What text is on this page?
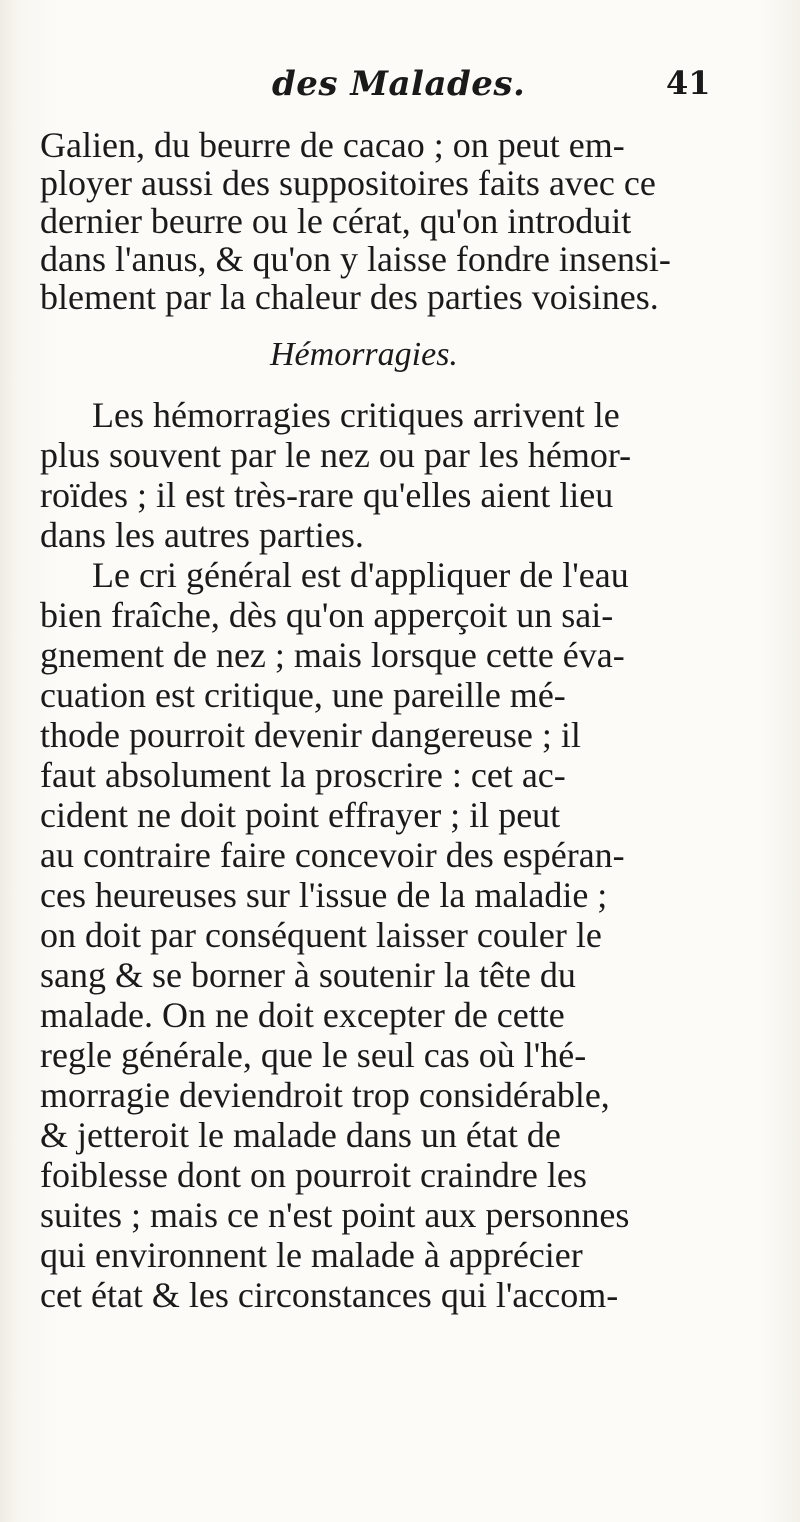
des Malades.	41
Galien, du beurre de cacao ; on peut em-
ployer aussi des suppositoires faits avec ce
dernier beurre ou le cérat, qu'on introduit
dans l'anus, & qu'on y laisse fondre insensi-
blement par la chaleur des parties voisines.
Hémorragies.
Les hémorragies critiques arrivent le
plus souvent par le nez ou par les hémor-
roïdes ; il est très-rare qu'elles aient lieu
dans les autres parties.
Le cri général est d'appliquer de l'eau
bien fraîche, dès qu'on apperçoit un sai-
gnement de nez ; mais lorsque cette éva-
cuation est critique, une pareille mé-
thode pourroit devenir dangereuse ; il
faut absolument la proscrire : cet ac-
cident ne doit point effrayer ; il peut
au contraire faire concevoir des espéran-
ces heureuses sur l'issue de la maladie ;
on doit par conséquent laisser couler le
sang & se borner à soutenir la tête du
malade. On ne doit excepter de cette
regle générale, que le seul cas où l'hé-
morragie deviendroit trop considérable,
& jetteroit le malade dans un état de
foiblesse dont on pourroit craindre les
suites ; mais ce n'est point aux personnes
qui environnent le malade à apprécier
cet état & les circonstances qui l'accom-
